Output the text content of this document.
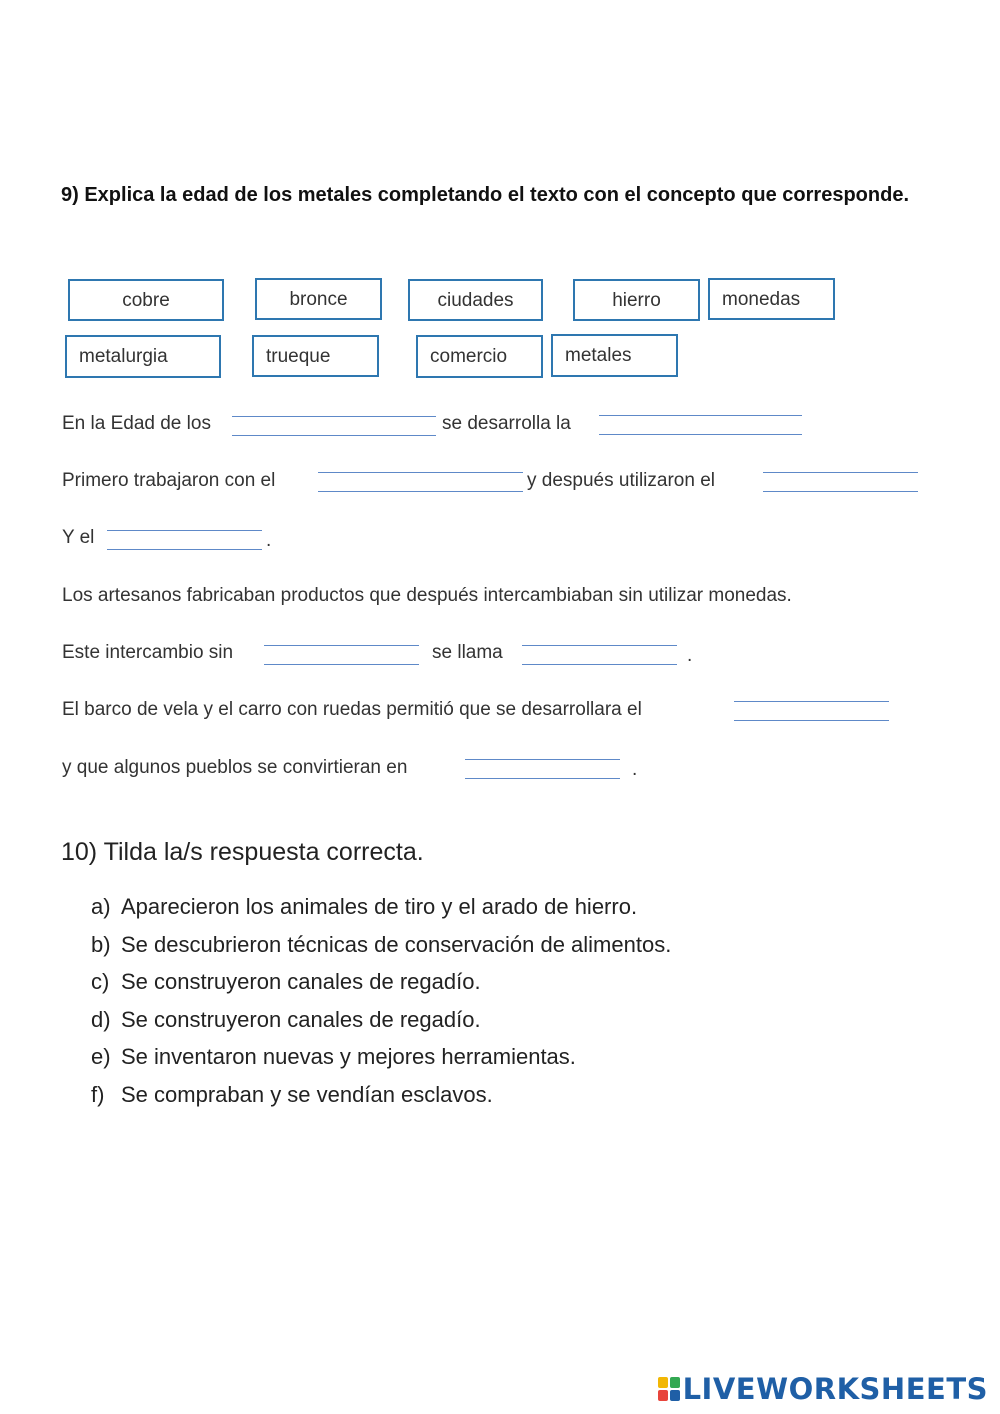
9) Explica la edad de los metales completando el texto con el concepto que corresponde.
cobre	bronce	ciudades	hierro	monedas
metalurgia	trueque	comercio	metales
En la Edad de los	se desarrolla la
Primero trabajaron con el	y después utilizaron el
Y el	.
Los artesanos fabricaban productos que después intercambiaban sin utilizar monedas.
Este intercambio sin	se llama	.
El barco de vela y el carro con ruedas permitió que se desarrollara el
y que algunos pueblos se convirtieran en	.
10) Tilda la/s respuesta correcta.
a) Aparecieron los animales de tiro y el arado de hierro.
b) Se descubrieron técnicas de conservación de alimentos.
c) Se construyeron canales de regadío.
d) Se construyeron canales de regadío.
e) Se inventaron nuevas y mejores herramientas.
f) Se compraban y se vendían esclavos.
LIVEWORKSHEETS
